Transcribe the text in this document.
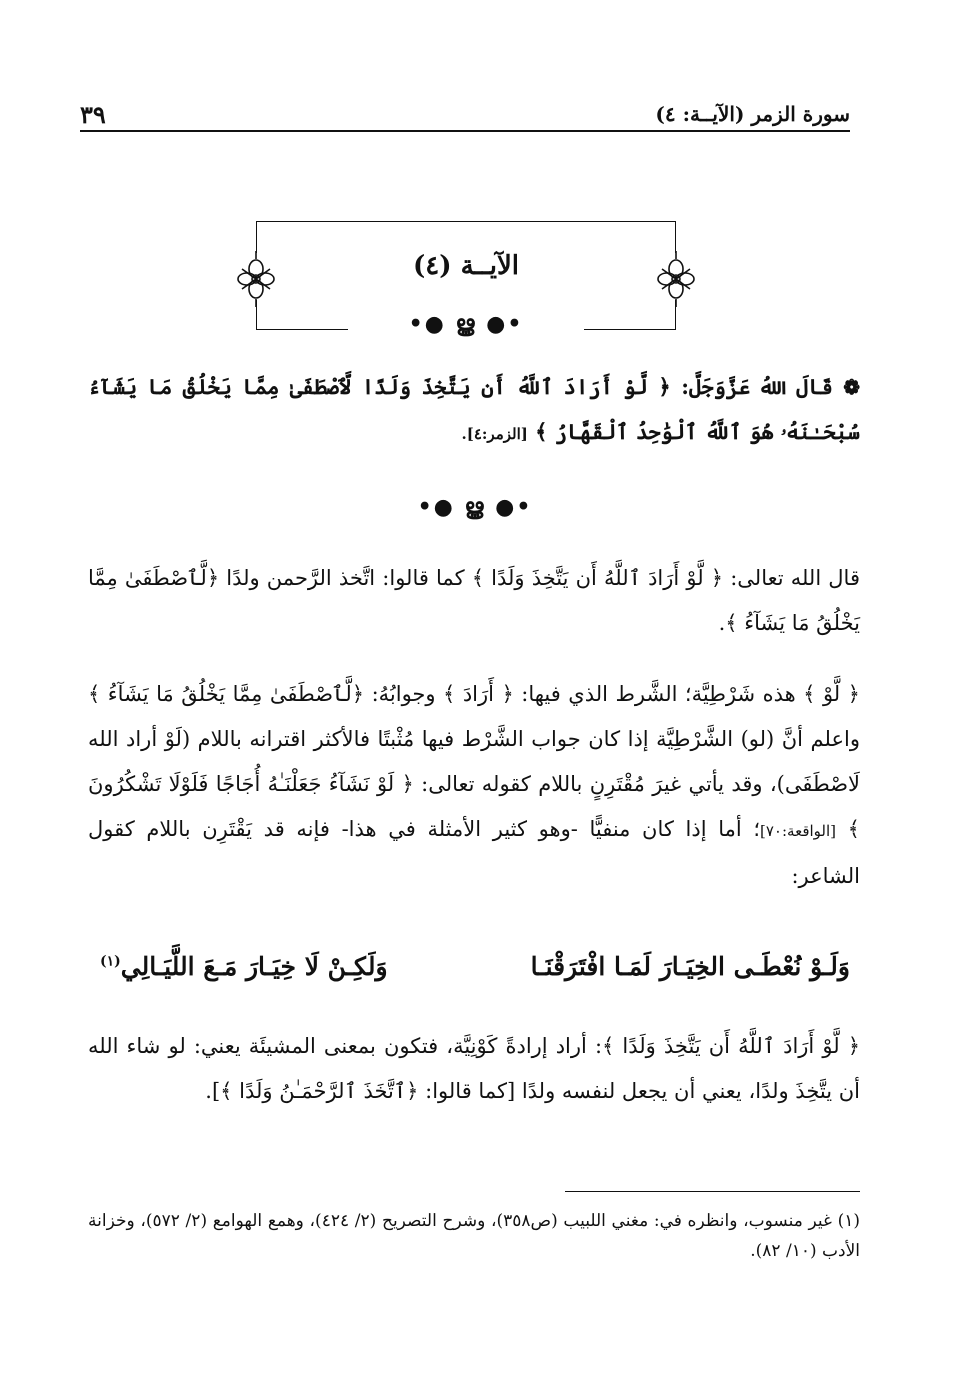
٣٩	سورة الزمر (الآيــة: ٤)
الآيــة (٤)
•● ൠ ●•

❁ قَالَ اللهُ عَزَّوَجَلَّ: ﴿ لَّوْ أَرَادَ ٱللَّهُ أَن يَتَّخِذَ وَلَدًا لَّٱصْطَفَىٰ مِمَّا يَخْلُقُ مَا يَشَآءُ سُبْحَـٰنَهُۥ هُوَ ٱللَّهُ ٱلْوَٰحِدُ ٱلْقَهَّارُ ﴾ [الزمر:٤].

•● ൠ ●•

قال الله تعالى: ﴿ لَّوْ أَرَادَ ٱللَّهُ أَن يَتَّخِذَ وَلَدًا ﴾ كما قالوا: اتَّخذ الرَّحمن ولدًا ﴿لَّٱصْطَفَىٰ مِمَّا يَخْلُقُ مَا يَشَآءُ ﴾.

﴿ لَّوْ ﴾ هذه شَرْطِيَّة؛ الشَّرط الذي فيها: ﴿ أَرَادَ ﴾ وجوابُهُ: ﴿لَّٱصْطَفَىٰ مِمَّا يَخْلُقُ مَا يَشَآءُ ﴾ واعلم أنَّ (لو) الشَّرْطِيَّة إذا كان جواب الشَّرْط فيها مُثْبتًا فالأكثر اقترانه باللام (لَوْ أراد الله لَاصْطَفَى)، وقد يأتي غيرَ مُقْتَرِنٍ باللام كقوله تعالى: ﴿ لَوْ نَشَآءُ جَعَلْنَـٰهُ أُجَاجًا فَلَوْلَا تَشْكُرُونَ ﴾ [الواقعة:٧٠]؛ أما إذا كان منفيًّا -وهو كثير الأمثلة في هذا- فإنه قد يَقْتَرِن باللام كقول الشاعر:

وَلَـوْ نُعْطَـى الخِيَـارَ لَمَـا افْتَرَقْنَـا
وَلَكِـنْ لَا خِيَـارَ مَـعَ اللَّيَـالِي$^{(١)}$

﴿ لَّوْ أَرَادَ ٱللَّهُ أَن يَتَّخِذَ وَلَدًا ﴾: أراد إرادةً كَوْنِيَّة، فتكون بمعنى المشيئَة يعني: لو شاء الله أن يتَّخِذَ ولدًا، يعني أن يجعل لنفسه ولدًا [كما قالوا: ﴿ٱتَّخَذَ ٱلرَّحْمَـٰنُ وَلَدًا ﴾].

(١) غير منسوب، وانظره في: مغني اللبيب (ص٣٥٨)، وشرح التصريح (٢/ ٤٢٤)، وهمع الهوامع (٢/ ٥٧٢)، وخزانة الأدب (١٠/ ٨٢).
